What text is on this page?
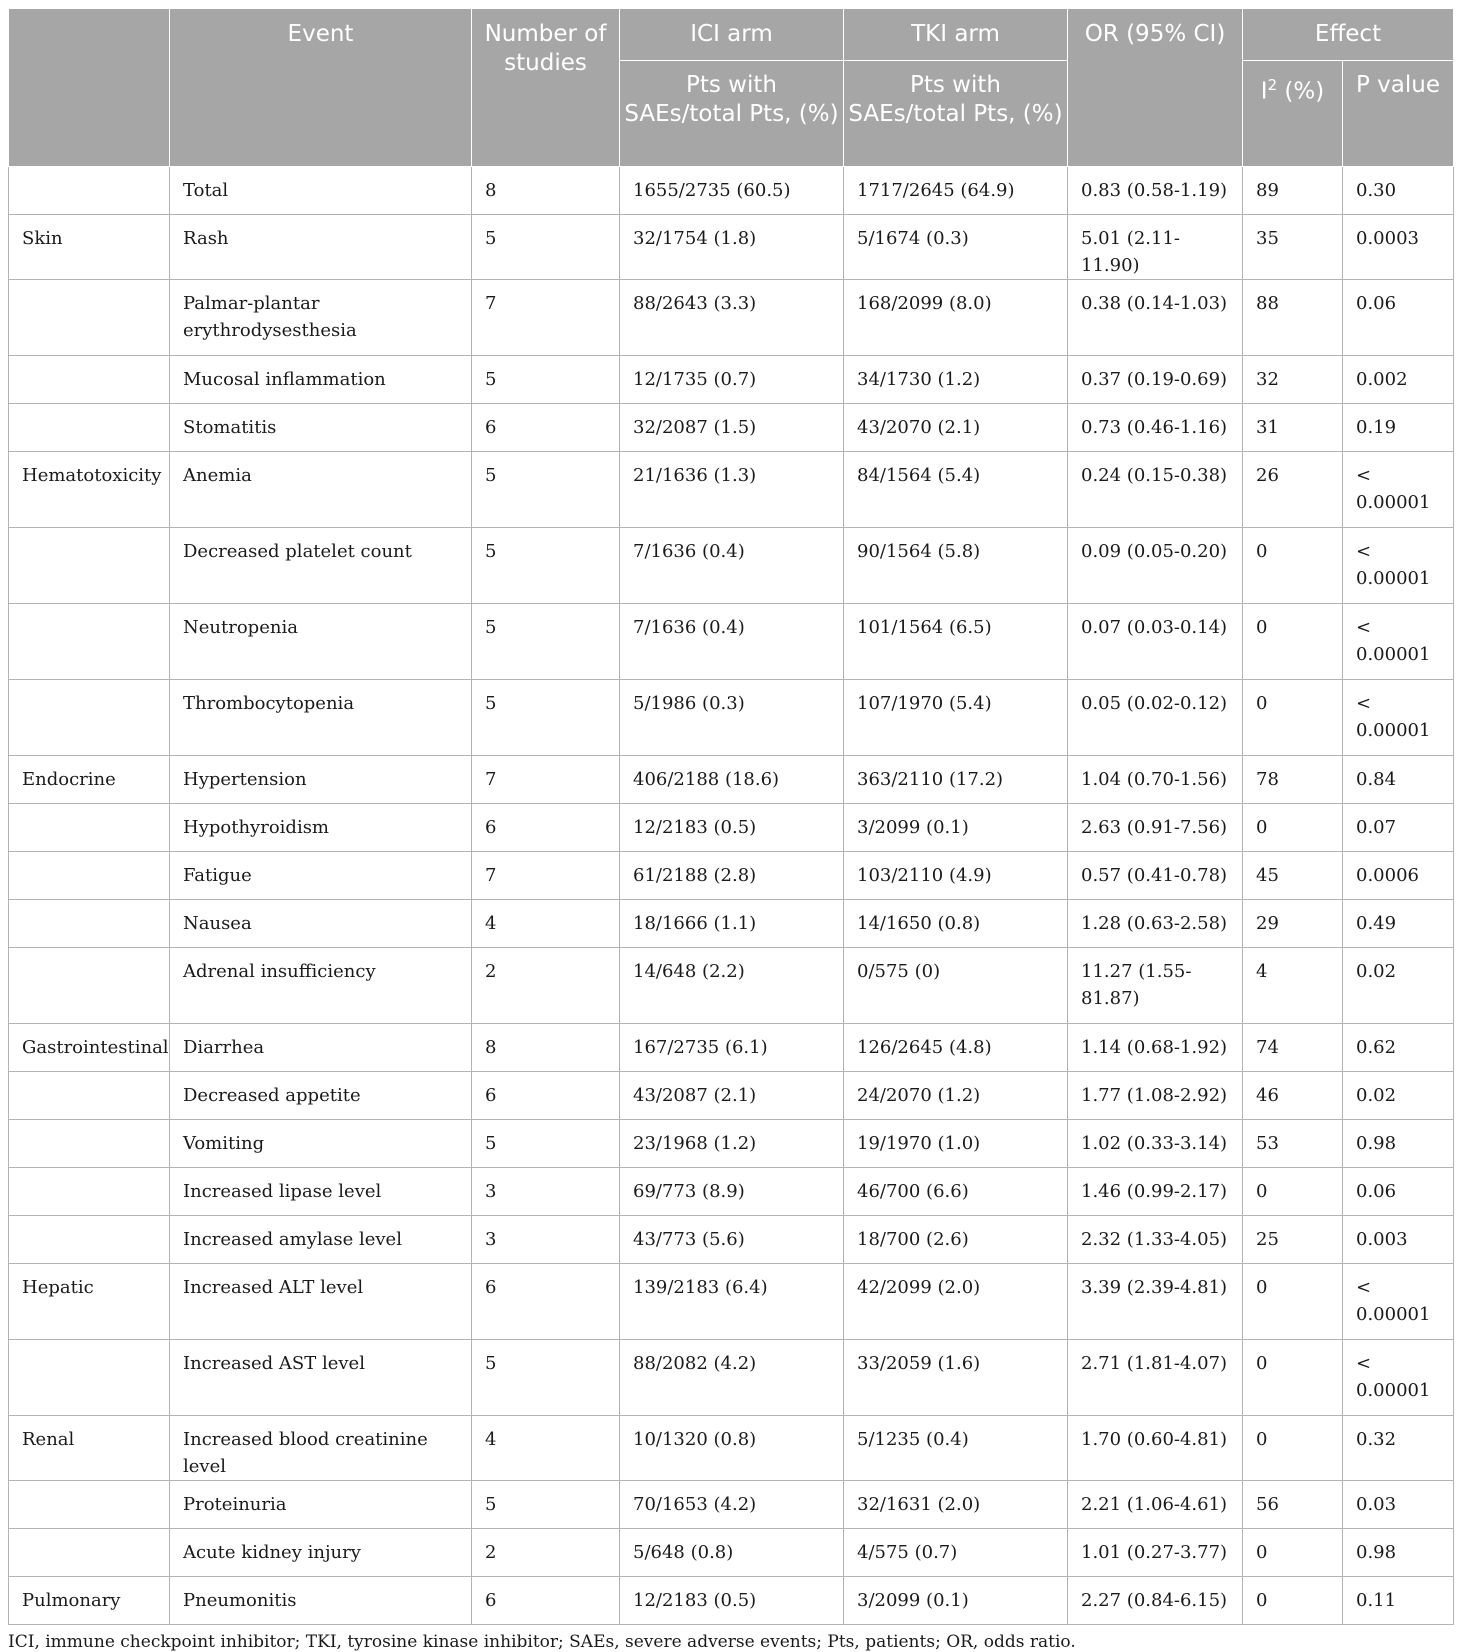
	Event	Number of studies	ICI arm	TKI arm	OR (95% CI)	Effect	
			Pts with SAEs/total Pts, (%)	Pts with SAEs/total Pts, (%)		$I^2$ (%)	P value
	Total	8	1655/2735 (60.5)	1717/2645 (64.9)	0.83 (0.58-1.19)	89	0.30
Skin	Rash	5	32/1754 (1.8)	5/1674 (0.3)	5.01 (2.11-11.90)	35	0.0003
	Palmar-plantar erythrodysesthesia	7	88/2643 (3.3)	168/2099 (8.0)	0.38 (0.14-1.03)	88	0.06
	Mucosal inflammation	5	12/1735 (0.7)	34/1730 (1.2)	0.37 (0.19-0.69)	32	0.002
	Stomatitis	6	32/2087 (1.5)	43/2070 (2.1)	0.73 (0.46-1.16)	31	0.19
Hematotoxicity	Anemia	5	21/1636 (1.3)	84/1564 (5.4)	0.24 (0.15-0.38)	26	< 0.00001
	Decreased platelet count	5	7/1636 (0.4)	90/1564 (5.8)	0.09 (0.05-0.20)	0	< 0.00001
	Neutropenia	5	7/1636 (0.4)	101/1564 (6.5)	0.07 (0.03-0.14)	0	< 0.00001
	Thrombocytopenia	5	5/1986 (0.3)	107/1970 (5.4)	0.05 (0.02-0.12)	0	< 0.00001
Endocrine	Hypertension	7	406/2188 (18.6)	363/2110 (17.2)	1.04 (0.70-1.56)	78	0.84
	Hypothyroidism	6	12/2183 (0.5)	3/2099 (0.1)	2.63 (0.91-7.56)	0	0.07
	Fatigue	7	61/2188 (2.8)	103/2110 (4.9)	0.57 (0.41-0.78)	45	0.0006
	Nausea	4	18/1666 (1.1)	14/1650 (0.8)	1.28 (0.63-2.58)	29	0.49
	Adrenal insufficiency	2	14/648 (2.2)	0/575 (0)	11.27 (1.55-81.87)	4	0.02
Gastrointestinal	Diarrhea	8	167/2735 (6.1)	126/2645 (4.8)	1.14 (0.68-1.92)	74	0.62
	Decreased appetite	6	43/2087 (2.1)	24/2070 (1.2)	1.77 (1.08-2.92)	46	0.02
	Vomiting	5	23/1968 (1.2)	19/1970 (1.0)	1.02 (0.33-3.14)	53	0.98
	Increased lipase level	3	69/773 (8.9)	46/700 (6.6)	1.46 (0.99-2.17)	0	0.06
	Increased amylase level	3	43/773 (5.6)	18/700 (2.6)	2.32 (1.33-4.05)	25	0.003
Hepatic	Increased ALT level	6	139/2183 (6.4)	42/2099 (2.0)	3.39 (2.39-4.81)	0	< 0.00001
	Increased AST level	5	88/2082 (4.2)	33/2059 (1.6)	2.71 (1.81-4.07)	0	< 0.00001
Renal	Increased blood creatinine level	4	10/1320 (0.8)	5/1235 (0.4)	1.70 (0.60-4.81)	0	0.32
	Proteinuria	5	70/1653 (4.2)	32/1631 (2.0)	2.21 (1.06-4.61)	56	0.03
	Acute kidney injury	2	5/648 (0.8)	4/575 (0.7)	1.01 (0.27-3.77)	0	0.98
Pulmonary	Pneumonitis	6	12/2183 (0.5)	3/2099 (0.1)	2.27 (0.84-6.15)	0	0.11
ICI, immune checkpoint inhibitor; TKI, tyrosine kinase inhibitor; SAEs, severe adverse events; Pts, patients; OR, odds ratio.
